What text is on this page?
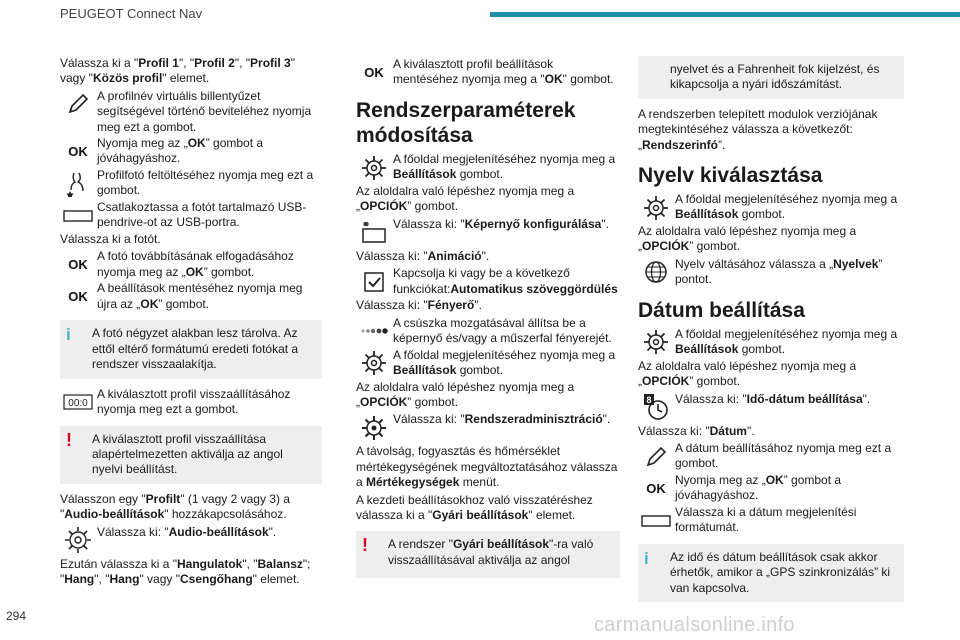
PEUGEOT Connect Nav
294	carmanualsonline.info

Válassza ki a "Profil 1", "Profil 2", "Profil 3" vagy "Közös profil" elemet.

A profilnév virtuális billentyűzet segítségével történő beviteléhez nyomja meg ezt a gombot.
OK
Nyomja meg az „OK” gombot a jóváhagyáshoz.
Profilfotó feltöltéséhez nyomja meg ezt a gombot.
Csatlakoztassa a fotót tartalmazó USB-pendrive-ot az USB-portra.

Válassza ki a fotót.

OK
A fotó továbbításának elfogadásához nyomja meg az „OK” gombot.
OK
A beállítások mentéséhez nyomja meg újra az „OK” gombot.
i	A fotó négyzet alakban lesz tárolva. Az ettől eltérő formátumú eredeti fotókat a rendszer visszaalakítja.
00:0
A kiválasztott profil visszaállításához nyomja meg ezt a gombot.
!	A kiválasztott profil visszaállítása alapértelmezetten aktiválja az angol nyelvi beállítást.

Válasszon egy "Profilt" (1 vagy 2 vagy 3) a "Audio-beállítások" hozzákapcsolásához.

Válassza ki: "Audio-beállítások".

Ezután válassza ki a "Hangulatok", "Balansz"; "Hang", "Hang" vagy "Csengőhang" elemet.

OK
A kiválasztott profil beállítások mentéséhez nyomja meg a "OK" gombot.
Rendszerparaméterek módosítása
A főoldal megjelenítéséhez nyomja meg a Beállítások gombot.

Az aloldalra való lépéshez nyomja meg a „OPCIÓK” gombot.

Válassza ki: "Képernyő konfigurálása".

Válassza ki: "Animáció".

Kapcsolja ki vagy be a következő funkciókat:Automatikus szöveggördülés

Válassza ki: "Fényerő".

A csúszka mozgatásával állítsa be a képernyő és/vagy a műszerfal fényerejét.
A főoldal megjelenítéséhez nyomja meg a Beállítások gombot.

Az aloldalra való lépéshez nyomja meg a „OPCIÓK” gombot.

Válassza ki: "Rendszeradminisztráció".

A távolság, fogyasztás és hőmérséklet mértékegységének megváltoztatásához válassza a Mértékegységek menüt.

A kezdeti beállításokhoz való visszatéréshez válassza ki a "Gyári beállítások" elemet.

!	A rendszer "Gyári beállítások"-ra való visszaállításával aktiválja az angol
nyelvet és a Fahrenheit fok kijelzést, és kikapcsolja a nyári időszámítást.

A rendszerben telepített modulok verziójának megtekintéséhez válassza a következőt: „Rendszerinfó”.

Nyelv kiválasztása
A főoldal megjelenítéséhez nyomja meg a Beállítások gombot.

Az aloldalra való lépéshez nyomja meg a „OPCIÓK” gombot.

Nyelv váltásához válassza a „Nyelvek” pontot.
Dátum beállítása
A főoldal megjelenítéséhez nyomja meg a Beállítások gombot.

Az aloldalra való lépéshez nyomja meg a „OPCIÓK” gombot.

8 Válassza ki: "Idő-dátum beállítása".

Válassza ki: "Dátum".

A dátum beállításához nyomja meg ezt a gombot.
OK
Nyomja meg az „OK” gombot a jóváhagyáshoz.
Válassza ki a dátum megjelenítési formátumát.
i	Az idő és dátum beállítások csak akkor érhetők, amikor a „GPS szinkronizálás” ki van kapcsolva.
